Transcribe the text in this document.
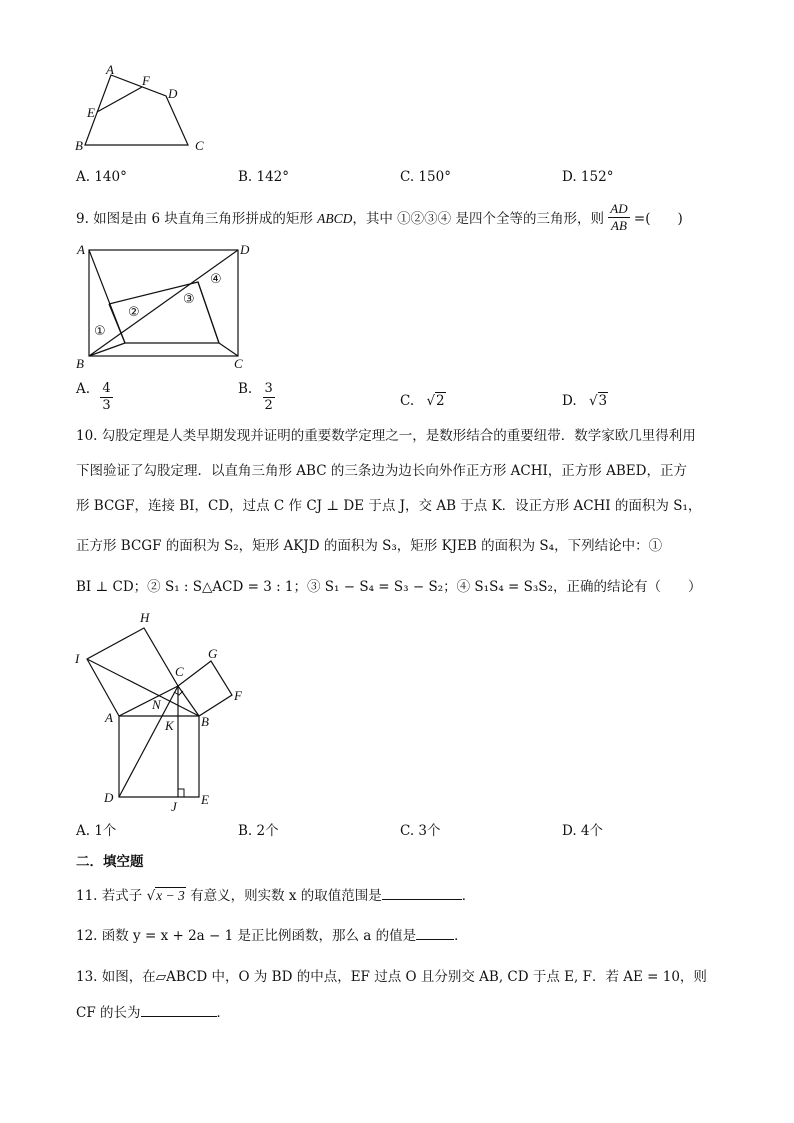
A
F
D
E
B	C
A. 140°	B. 142°	C. 150°	D. 152°
9. 如图是由 6 块直角三角形拼成的矩形 ABCD，其中 ①②③④ 是四个全等的三角形，则 $\frac{AD}{AB}$ =(　　)
A	D
B	C
①
②
③
④
A. $\frac{4}{3}$	B. $\frac{3}{2}$	C. √2	D. √3
10. 勾股定理是人类早期发现并证明的重要数学定理之一，是数形结合的重要纽带．数学家欧几里得利用
下图验证了勾股定理．以直角三角形 ABC 的三条边为边长向外作正方形 ACHI，正方形 ABED，正方
形 BCGF，连接 BI，CD，过点 C 作 CJ ⊥ DE 于点 J，交 AB 于点 K．设正方形 ACHI 的面积为 S₁，
正方形 BCGF 的面积为 S₂，矩形 AKJD 的面积为 S₃，矩形 KJEB 的面积为 S₄，下列结论中：①
BI ⊥ CD；② S₁ : S△ACD = 3 : 1；③ S₁ − S₄ = S₃ − S₂；④ S₁S₄ = S₃S₂，正确的结论有（　　）
H
G
I
C
F
N
A
K B
D
J E
A. 1个	B. 2个	C. 3个	D. 4个
二．填空题
11. 若式子 √x − 3 有意义，则实数 x 的取值范围是	．
12. 函数 y = x + 2a − 1 是正比例函数，那么 a 的值是	．
13. 如图，在▱ABCD 中，O 为 BD 的中点，EF 过点 O 且分别交 AB, CD 于点 E, F．若 AE = 10，则
CF 的长为	．
